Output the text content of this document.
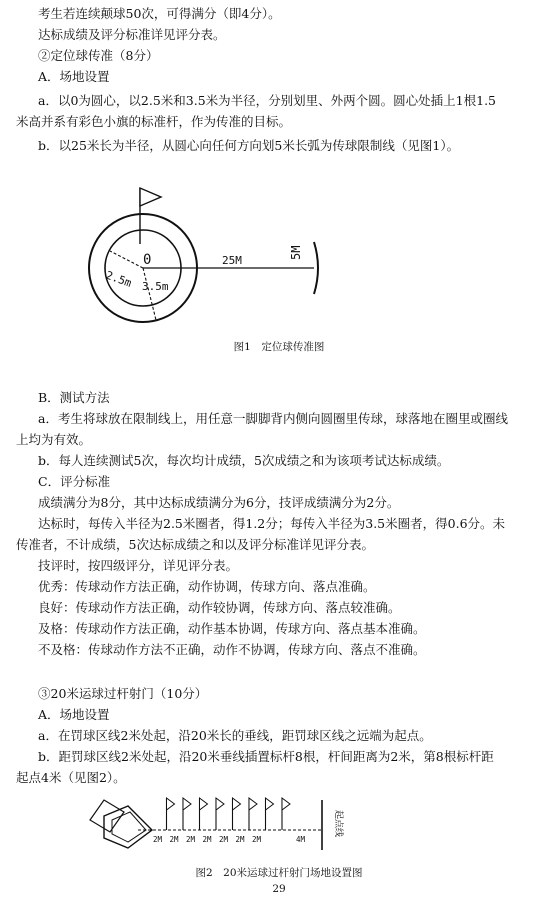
考生若连续颠球50次，可得满分（即4分）。
达标成绩及评分标准详见评分表。
②定位球传准（8分）
A．场地设置
a．以0为圆心，以2.5米和3.5米为半径，分别划里、外两个圆。圆心处插上1根1.5
米高并系有彩色小旗的标准杆，作为传准的目标。
b．以25米长为半径，从圆心向任何方向划5米长弧为传球限制线（见图1）。
0
2.5m 3.5m
25M
5M
图1　定位球传准图
B．测试方法
a．考生将球放在限制线上，用任意一脚脚背内侧向圆圈里传球，球落地在圈里或圈线
上均为有效。
b．每人连续测试5次，每次均计成绩，5次成绩之和为该项考试达标成绩。
C．评分标准
成绩满分为8分，其中达标成绩满分为6分，技评成绩满分为2分。
达标时，每传入半径为2.5米圈者，得1.2分；每传入半径为3.5米圈者，得0.6分。未
传准者，不计成绩，5次达标成绩之和以及评分标准详见评分表。
技评时，按四级评分，详见评分表。
优秀：传球动作方法正确，动作协调，传球方向、落点准确。
良好：传球动作方法正确，动作较协调，传球方向、落点较准确。
及格：传球动作方法正确，动作基本协调，传球方向、落点基本准确。
不及格：传球动作方法不正确，动作不协调，传球方向、落点不准确。
③20米运球过杆射门（10分）
A．场地设置
a．在罚球区线2米处起，沿20米长的垂线，距罚球区线之远端为起点。
b．距罚球区线2米处起，沿20米垂线插置标杆8根，杆间距离为2米，第8根标杆距
起点4米（见图2）。
2M 2M 2M 2M 2M 2M 2M	4M
起点线
图2　20米运球过杆射门场地设置图
29
